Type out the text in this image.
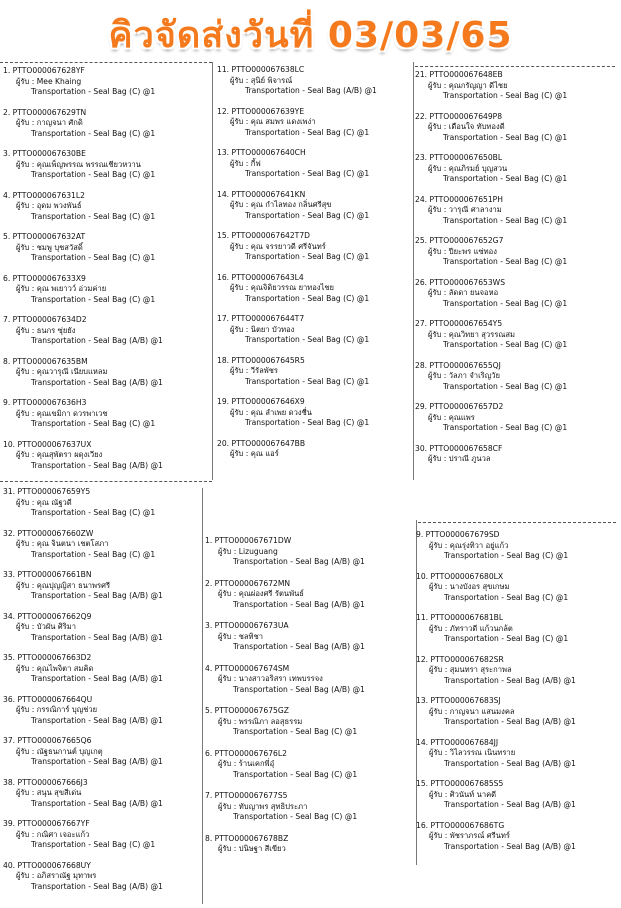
คิวจัดส่งวันที่ 03/03/65
1. PTTO000067628YF
ผู้รับ : Mee Khaing
Transportation - Seal Bag (C) @1
2. PTTO000067629TN
ผู้รับ : กาญจนา ศักดิ
Transportation - Seal Bag (C) @1
3. PTTO000067630BE
ผู้รับ : คุณเพ็ญพรรณ พรรณเชียวหวาน
Transportation - Seal Bag (C) @1
4. PTTO000067631L2
ผู้รับ : อุดม พวงพันธ์
Transportation - Seal Bag (C) @1
5. PTTO000067632AT
ผู้รับ : ชมพู บุชสวัสดิ์
Transportation - Seal Bag (C) @1
6. PTTO000067633X9
ผู้รับ : คุณ พเยาวว์ อ่วมค่าย
Transportation - Seal Bag (C) @1
7. PTTO000067634D2
ผู้รับ : ธนกร ซุ่ยยัง
Transportation - Seal Bag (A/B) @1
8. PTTO000067635BM
ผู้รับ : คุณวารุณี เนียบแหลม
Transportation - Seal Bag (A/B) @1
9. PTTO000067636H3
ผู้รับ : คุณเขมิกา ดวรพาเวช
Transportation - Seal Bag (C) @1
10. PTTO000067637UX
ผู้รับ : คุณสุพัตรา ผดุงเวียง
Transportation - Seal Bag (A/B) @1
11. PTTO000067638LC
ผู้รับ : สุนิย์ พิจารณ์
Transportation - Seal Bag (A/B) @1
12. PTTO000067639YE
ผู้รับ : คุณ สมพร แดงเพง่า
Transportation - Seal Bag (C) @1
13. PTTO000067640CH
ผู้รับ : กี้ฟ
Transportation - Seal Bag (C) @1
14. PTTO000067641KN
ผู้รับ : คุณ กำไลทอง กลิ่นศรีสุข
Transportation - Seal Bag (C) @1
15. PTTO000067642T7D
ผู้รับ : คุณ จรรยาวดี ศรีจันทร์
Transportation - Seal Bag (C) @1
16. PTTO000067643L4
ผู้รับ : คุณจิดิยวรรณ ยาทองไชย
Transportation - Seal Bag (C) @1
17. PTTO000067644T7
ผู้รับ : นิตยา บัวทอง
Transportation - Seal Bag (C) @1
18. PTTO000067645R5
ผู้รับ : วีรัลพัชร
Transportation - Seal Bag (C) @1
19. PTTO000067646X9
ผู้รับ : คุณ ลำเพย ดวงชื่น
Transportation - Seal Bag (C) @1
20. PTTO000067647BB
ผู้รับ : คุณ แอร์
21. PTTO000067648EB
ผู้รับ : คุณกรัญญา ดีไชย
Transportation - Seal Bag (C) @1
22. PTTO000067649P8
ผู้รับ : เดือนใจ ทับทองดี
Transportation - Seal Bag (C) @1
23. PTTO000067650BL
ผู้รับ : คุณภิรมย์ บุญสวน
Transportation - Seal Bag (C) @1
24. PTTO000067651PH
ผู้รับ : วารุณี ศาลางาม
Transportation - Seal Bag (C) @1
25. PTTO000067652G7
ผู้รับ : ปียะพร แซ่ทอง
Transportation - Seal Bag (C) @1
26. PTTO000067653WS
ผู้รับ : ลัดดา ยนจอหอ
Transportation - Seal Bag (C) @1
27. PTTO000067654Y5
ผู้รับ : คุณวิทยา สุวรรณสม
Transportation - Seal Bag (C) @1
28. PTTO000067655QJ
ผู้รับ : วัลภา จำเริญวัย
Transportation - Seal Bag (C) @1
29. PTTO000067657D2
ผู้รับ : คุณแพร
Transportation - Seal Bag (C) @1
30. PTTO000067658CF
ผู้รับ : ปราณี ภูนวล
31. PTTO000067659Y5
ผู้รับ : คุณ ณัฐวดี
Transportation - Seal Bag (C) @1
32. PTTO000067660ZW
ผู้รับ : คุณ จินตนา เชตโสภา
Transportation - Seal Bag (C) @1
33. PTTO000067661BN
ผู้รับ : คุณปุญญิสา ธนาพรศรี
Transportation - Seal Bag (A/B) @1
34. PTTO000067662Q9
ผู้รับ : บัวผัน ศิริมา
Transportation - Seal Bag (A/B) @1
35. PTTO000067663D2
ผู้รับ : คุณไพจิตา สมคิด
Transportation - Seal Bag (A/B) @1
36. PTTO000067664QU
ผู้รับ : กรรณิการ์ บุญช่วย
Transportation - Seal Bag (A/B) @1
37. PTTO000067665Q6
ผู้รับ : ณัฐธนกานต์ บุญเกตุ
Transportation - Seal Bag (A/B) @1
38. PTTO000067666J3
ผู้รับ : สนุน สุขสีเด่น
Transportation - Seal Bag (A/B) @1
39. PTTO000067667YF
ผู้รับ : กณิศา เจอะแก้ว
Transportation - Seal Bag (C) @1
40. PTTO000067668UY
ผู้รับ : อภิสราณัฐ มุทาพร
Transportation - Seal Bag (A/B) @1
1. PTTO000067671DW
ผู้รับ : Lizuguang
Transportation - Seal Bag (A/B) @1
2. PTTO000067672MN
ผู้รับ : คุณผ่องศรี รัตนพันธ์
Transportation - Seal Bag (A/B) @1
3. PTTO000067673UA
ผู้รับ : ชลทิชา
Transportation - Seal Bag (A/B) @1
4. PTTO000067674SM
ผู้รับ : นางสาวอริสรา เทพบรรจง
Transportation - Seal Bag (A/B) @1
5. PTTO000067675GZ
ผู้รับ : พรรณิภา ลอสุธรรม
Transportation - Seal Bag (C) @1
6. PTTO000067676L2
ผู้รับ : ร้านเคกพี่อุ๋
Transportation - Seal Bag (C) @1
7. PTTO000067677S5
ผู้รับ : ทับญาพร สุทธิประภา
Transportation - Seal Bag (C) @1
8. PTTO000067678BZ
ผู้รับ : ปนิษฐา สีเขียว
9. PTTO000067679SD
ผู้รับ : คุณรุ่งทิวา อยู่แก้ว
Transportation - Seal Bag (C) @1
10. PTTO000067680LX
ผู้รับ : นางบังอร สุขเกษม
Transportation - Seal Bag (C) @1
11. PTTO000067681BL
ผู้รับ : ภัทราวดี แก้วนกล้ต
Transportation - Seal Bag (C) @1
12. PTTO000067682SR
ผู้รับ : สุมนทรา สุระกาพล
Transportation - Seal Bag (A/B) @1
13. PTTO000067683SJ
ผู้รับ : กาญจนา แสนมงคล
Transportation - Seal Bag (A/B) @1
14. PTTO000067684JJ
ผู้รับ : วิไลวรรณ เนินทราย
Transportation - Seal Bag (A/B) @1
15. PTTO000067685S5
ผู้รับ : ศิวนันท์ นาคดี
Transportation - Seal Bag (A/B) @1
16. PTTO000067686TG
ผู้รับ : พัชราภรณ์ ศรีนทร์
Transportation - Seal Bag (A/B) @1
